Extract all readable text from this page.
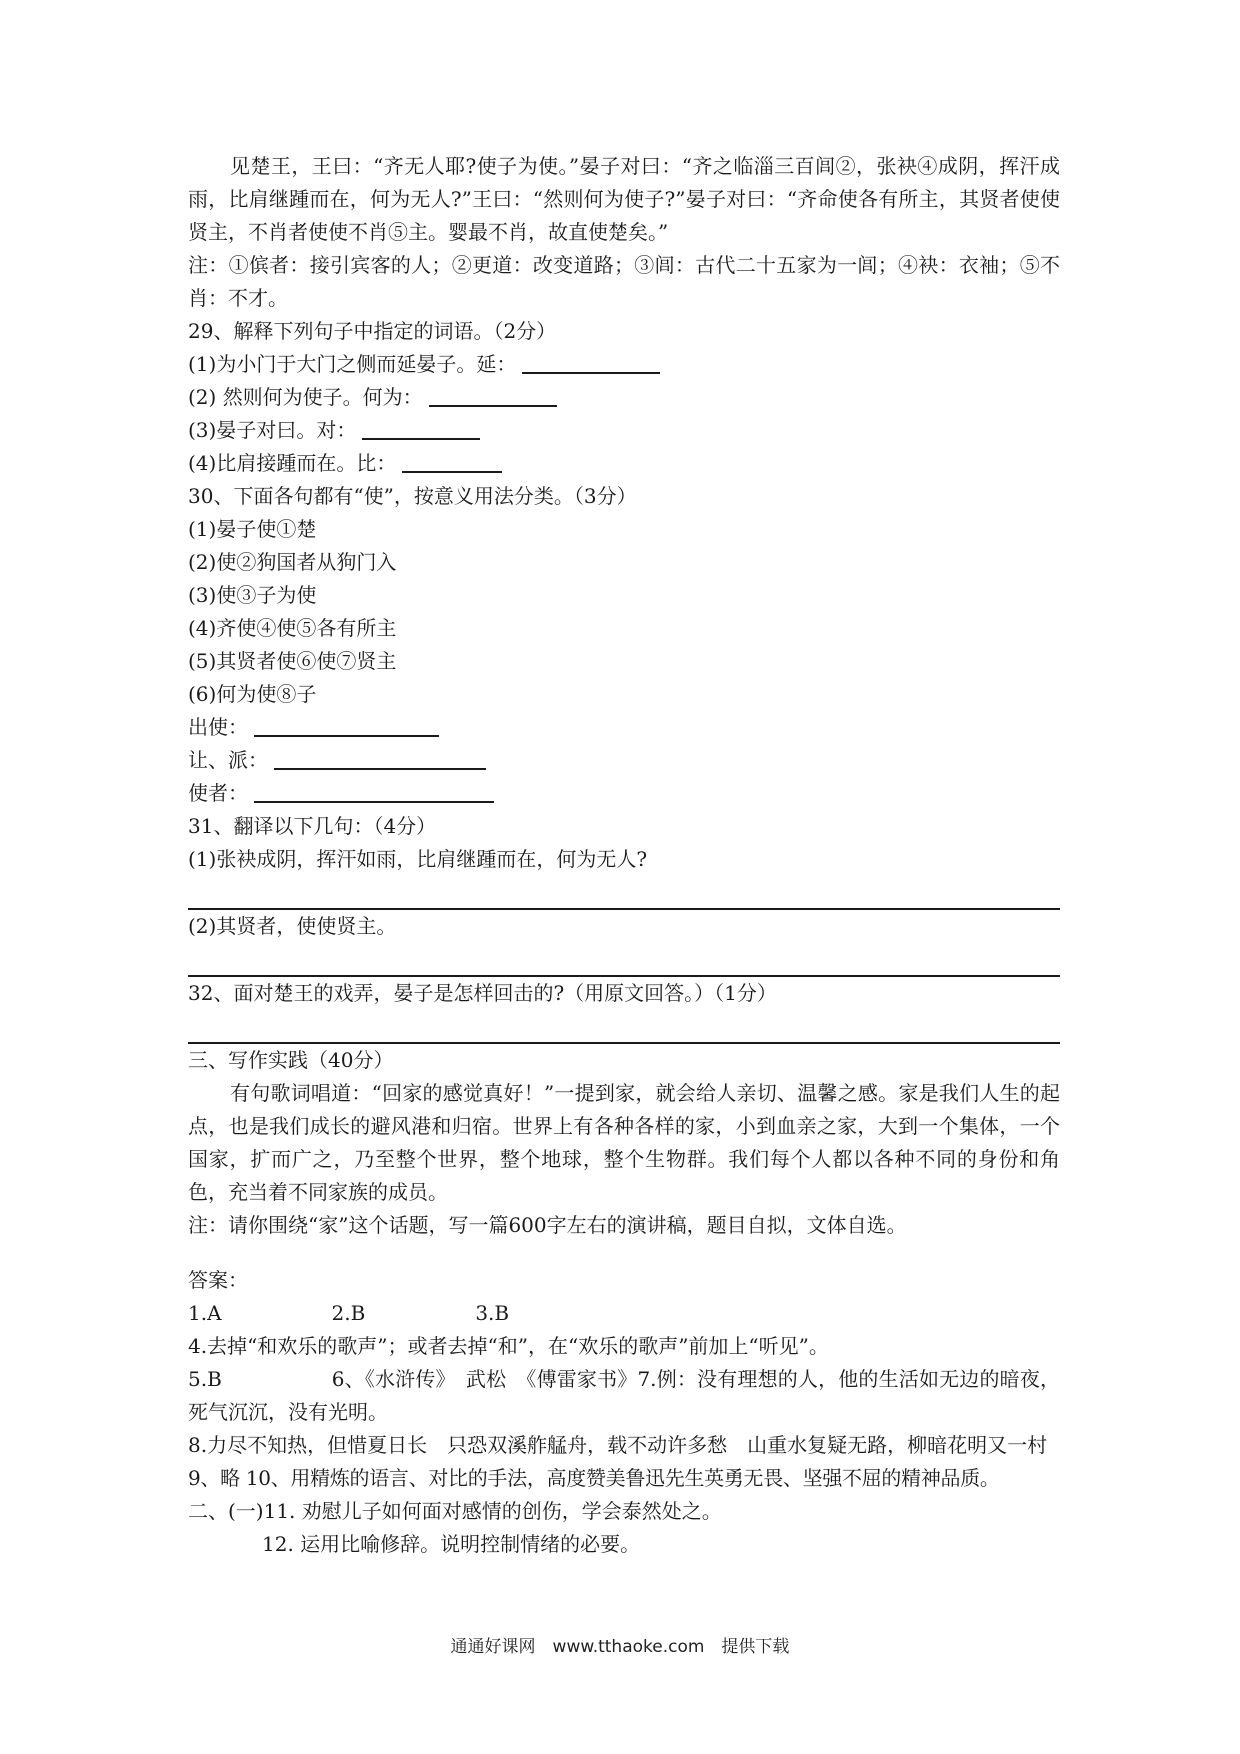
见楚王，王曰：“齐无人耶?使子为使。”晏子对曰：“齐之临淄三百闾②，张袂④成阴，挥汗成雨，比肩继踵而在，何为无人?”王曰：“然则何为使子?”晏子对曰：“齐命使各有所主，其贤者使使贤主，不肖者使使不肖⑤主。婴最不肖，故直使楚矣。”
注：①傧者：接引宾客的人；②更道：改变道路；③闾：古代二十五家为一闾；④袂：衣袖；⑤不肖：不才。
29、解释下列句子中指定的词语。（2分）
(1)为小门于大门之侧而延晏子。延：
(2) 然则何为使子。何为：
(3)晏子对曰。对：
(4)比肩接踵而在。比：
30、下面各句都有“使”，按意义用法分类。（3分）
(1)晏子使①楚
(2)使②狗国者从狗门入
(3)使③子为使
(4)齐使④使⑤各有所主
(5)其贤者使⑥使⑦贤主
(6)何为使⑧子
出使：
让、派：
使者：
31、翻译以下几句：（4分）
(1)张袂成阴，挥汗如雨，比肩继踵而在，何为无人?
(2)其贤者，使使贤主。
32、面对楚王的戏弄，晏子是怎样回击的?（用原文回答。）（1分）
三、写作实践（40分）
有句歌词唱道：“回家的感觉真好！”一提到家，就会给人亲切、温馨之感。家是我们人生的起点，也是我们成长的避风港和归宿。世界上有各种各样的家，小到血亲之家，大到一个集体，一个国家，扩而广之，乃至整个世界，整个地球，整个生物群。我们每个人都以各种不同的身份和角色，充当着不同家族的成员。
注：请你围绕“家”这个话题，写一篇600字左右的演讲稿，题目自拟，文体自选。
答案：
1.A	2.B	3.B
4.去掉“和欢乐的歌声”；或者去掉“和”，在“欢乐的歌声”前加上“听见”。
5.B	6、《水浒传》　武松　《傅雷家书》7.例：没有理想的人，他的生活如无边的暗夜，死气沉沉，没有光明。
8.力尽不知热，但惜夏日长　只恐双溪舴艋舟，载不动许多愁　山重水复疑无路，柳暗花明又一村
9、略 10、用精炼的语言、对比的手法，高度赞美鲁迅先生英勇无畏、坚强不屈的精神品质。
二、(一)11. 劝慰儿子如何面对感情的创伤，学会泰然处之。
12. 运用比喻修辞。说明控制情绪的必要。
通通好课网　www.tthaoke.com　提供下载
